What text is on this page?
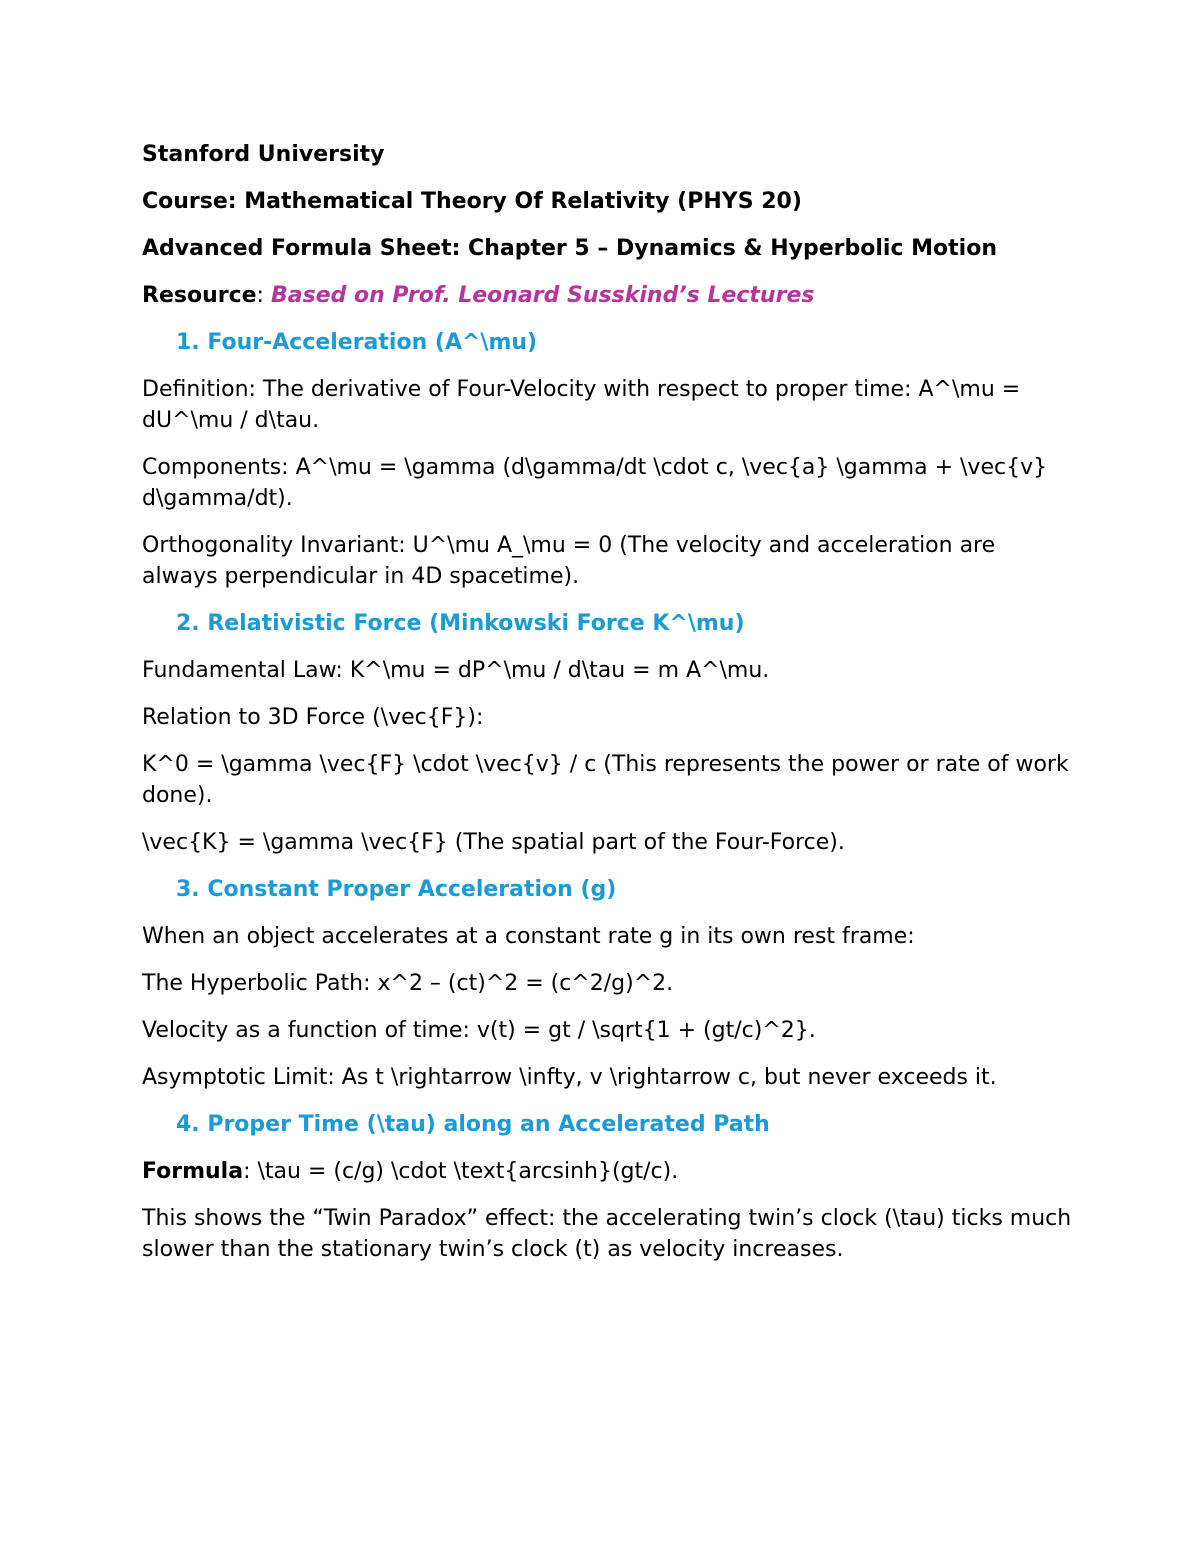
Stanford University

Course: Mathematical Theory Of Relativity (PHYS 20)

Advanced Formula Sheet: Chapter 5 – Dynamics & Hyperbolic Motion

Resource: Based on Prof. Leonard Susskind’s Lectures

1. Four-Acceleration (A^\mu)

Definition: The derivative of Four-Velocity with respect to proper time: A^\mu = dU^\mu / d\tau.

Components: A^\mu = \gamma (d\gamma/dt \cdot c, \vec{a} \gamma + \vec{v} d\gamma/dt).

Orthogonality Invariant: U^\mu A_\mu = 0 (The velocity and acceleration are always perpendicular in 4D spacetime).

2. Relativistic Force (Minkowski Force K^\mu)

Fundamental Law: K^\mu = dP^\mu / d\tau = m A^\mu.

Relation to 3D Force (\vec{F}):

K^0 = \gamma \vec{F} \cdot \vec{v} / c (This represents the power or rate of work done).

\vec{K} = \gamma \vec{F} (The spatial part of the Four-Force).

3. Constant Proper Acceleration (g)

When an object accelerates at a constant rate g in its own rest frame:

The Hyperbolic Path: x^2 – (ct)^2 = (c^2/g)^2.

Velocity as a function of time: v(t) = gt / \sqrt{1 + (gt/c)^2}.

Asymptotic Limit: As t \rightarrow \infty, v \rightarrow c, but never exceeds it.

4. Proper Time (\tau) along an Accelerated Path

Formula: \tau = (c/g) \cdot \text{arcsinh}(gt/c).

This shows the “Twin Paradox” effect: the accelerating twin’s clock (\tau) ticks much slower than the stationary twin’s clock (t) as velocity increases.
